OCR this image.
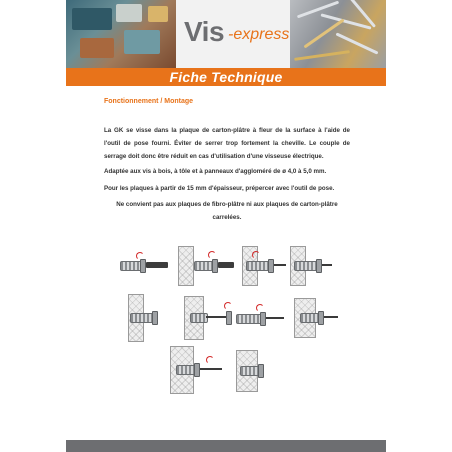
Vis -express
Fiche Technique
Fonctionnement / Montage
La GK se visse dans la plaque de carton-plâtre à fleur de la surface à l'aide de l'outil de pose fourni. Éviter de serrer trop fortement la cheville. Le couple de serrage doit donc être réduit en cas d'utilisation d'une visseuse électrique.
Adaptée aux vis à bois, à tôle et à panneaux d'aggloméré de ø 4,0 à 5,0 mm.
Pour les plaques à partir de 15 mm d'épaisseur, prépercer avec l'outil de pose.
Ne convient pas aux plaques de fibro-plâtre ni aux plaques de carton-plâtre carrelées.
